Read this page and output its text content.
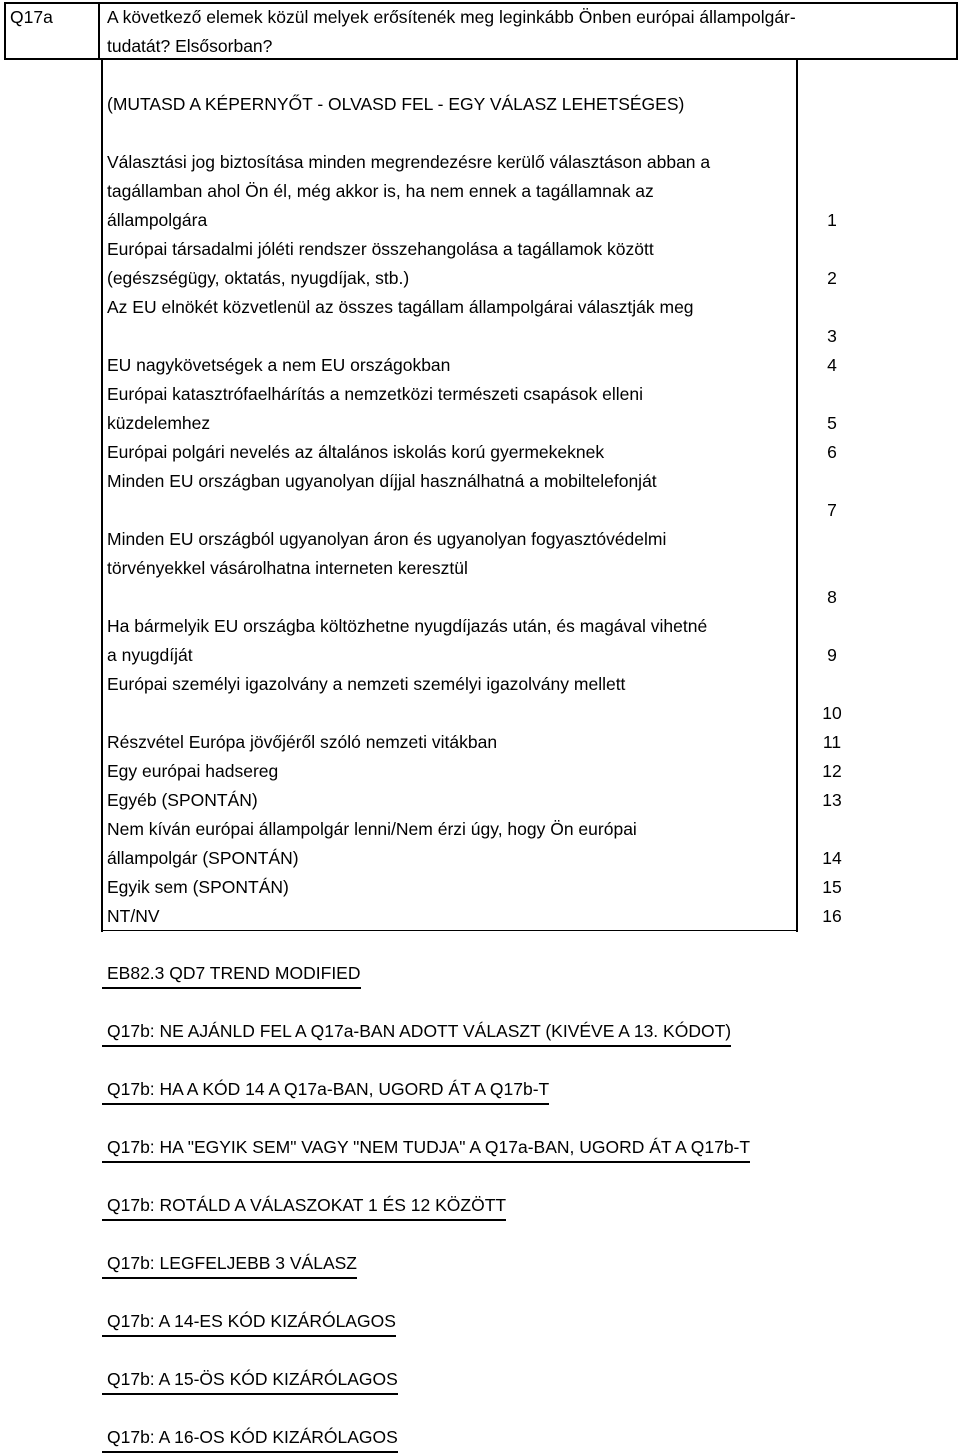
Q17a	A következő elemek közül melyek erősítenék meg leginkább Önben európai állampolgár-
tudatát? Elsősorban?
(MUTASD A KÉPERNYŐT - OLVASD FEL - EGY VÁLASZ LEHETSÉGES)
Választási jog biztosítása minden megrendezésre kerülő választáson abban a
tagállamban ahol Ön él, még akkor is, ha nem ennek a tagállamnak az
állampolgára	1
Európai társadalmi jóléti rendszer összehangolása a tagállamok között
(egészségügy, oktatás, nyugdíjak, stb.)	2
Az EU elnökét közvetlenül az összes tagállam állampolgárai választják meg
3
EU nagykövetségek a nem EU országokban	4
Európai katasztrófaelhárítás a nemzetközi természeti csapások elleni
küzdelemhez	5
Európai polgári nevelés az általános iskolás korú gyermekeknek	6
Minden EU országban ugyanolyan díjjal használhatná a mobiltelefonját
7
Minden EU országból ugyanolyan áron és ugyanolyan fogyasztóvédelmi
törvényekkel vásárolhatna interneten keresztül
8
Ha bármelyik EU országba költözhetne nyugdíjazás után, és magával vihetné
a nyugdíját	9
Európai személyi igazolvány a nemzeti személyi igazolvány mellett
10
Részvétel Európa jövőjéről szóló nemzeti vitákban	11
Egy európai hadsereg	12
Egyéb (SPONTÁN)	13
Nem kíván európai állampolgár lenni/Nem érzi úgy, hogy Ön európai
állampolgár (SPONTÁN)	14
Egyik sem (SPONTÁN)	15
NT/NV	16
EB82.3 QD7 TREND MODIFIED
Q17b: NE AJÁNLD FEL A Q17a-BAN ADOTT VÁLASZT (KIVÉVE A 13. KÓDOT)
Q17b: HA A KÓD 14 A Q17a-BAN, UGORD ÁT A Q17b-T
Q17b: HA "EGYIK SEM" VAGY "NEM TUDJA" A Q17a-BAN, UGORD ÁT A Q17b-T
Q17b: ROTÁLD A VÁLASZOKAT 1 ÉS 12 KÖZÖTT
Q17b: LEGFELJEBB 3 VÁLASZ
Q17b: A 14-ES KÓD KIZÁRÓLAGOS
Q17b: A 15-ÖS KÓD KIZÁRÓLAGOS
Q17b: A 16-OS KÓD KIZÁRÓLAGOS
